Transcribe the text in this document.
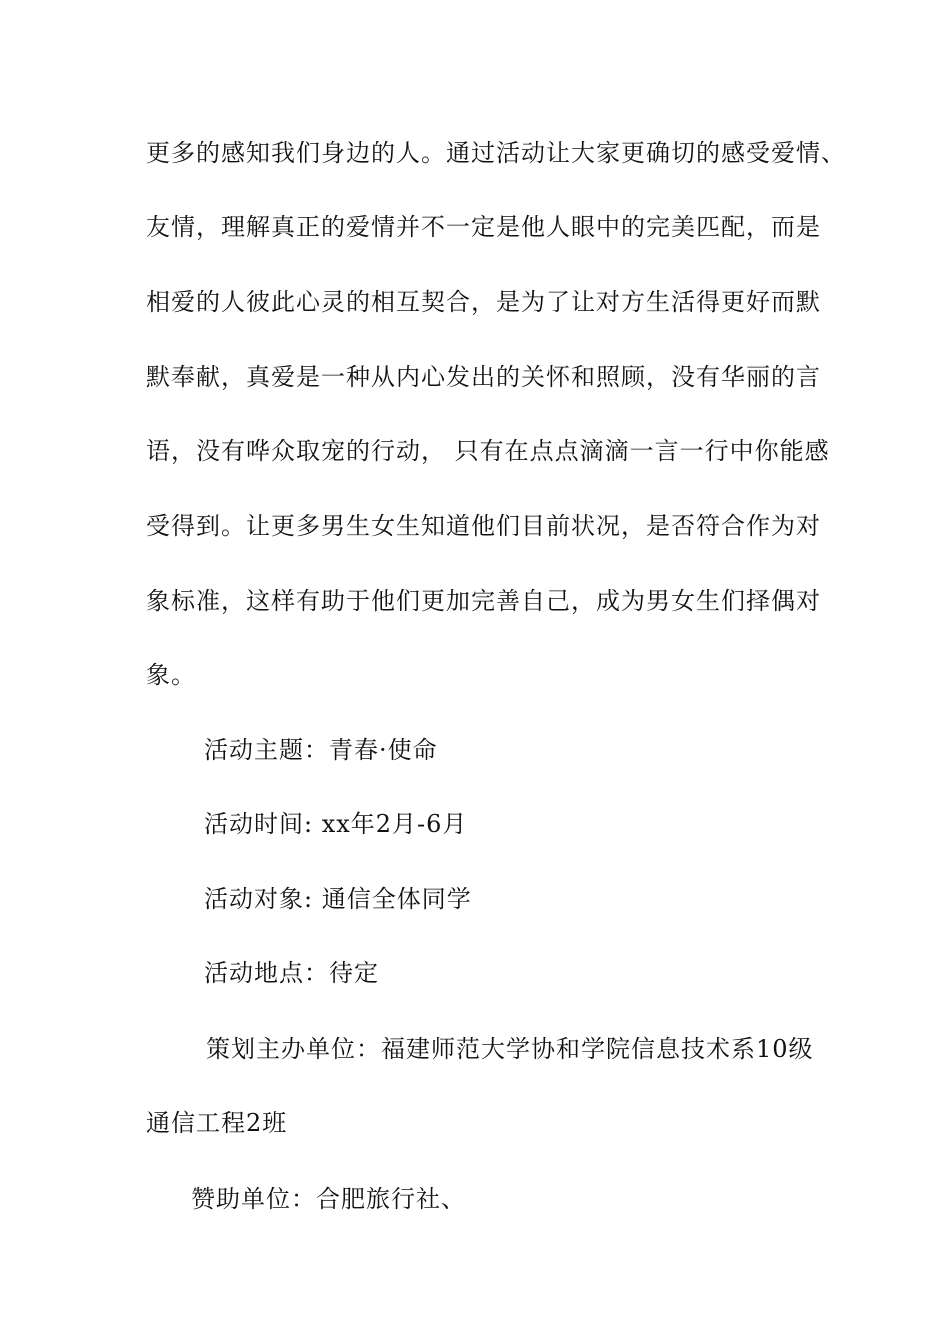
更多的感知我们身边的人。通过活动让大家更确切的感受爱情、
友情，理解真正的爱情并不一定是他人眼中的完美匹配，而是
相爱的人彼此心灵的相互契合，是为了让对方生活得更好而默
默奉献，真爱是一种从内心发出的关怀和照顾，没有华丽的言
语，没有哗众取宠的行动， 只有在点点滴滴一言一行中你能感
受得到。让更多男生女生知道他们目前状况，是否符合作为对
象标准，这样有助于他们更加完善自己，成为男女生们择偶对
象。
活动主题：青春·使命
活动时间: xx年2月-6月
活动对象: 通信全体同学
活动地点：待定
策划主办单位：福建师范大学协和学院信息技术系10级
通信工程2班
赞助单位：合肥旅行社、
